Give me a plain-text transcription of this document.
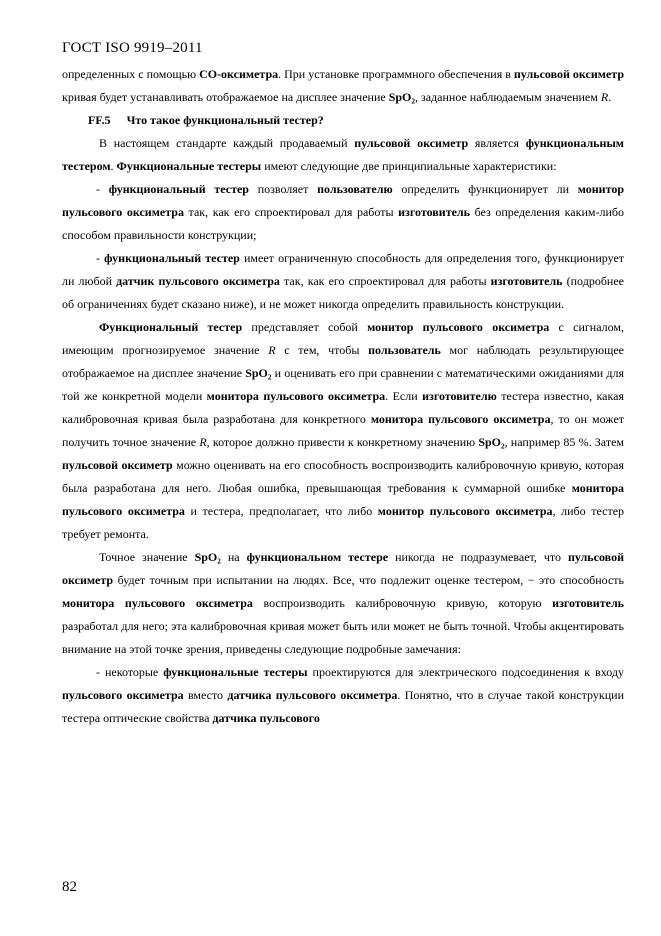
ГОСТ ISO 9919–2011

определенных с помощью CO-оксиметра. При установке программного обеспечения в пульсовой оксиметр кривая будет устанавливать отображаемое на дисплее значение SpO₂, заданное наблюдаемым значением R.

FF.5 Что такое функциональный тестер?

В настоящем стандарте каждый продаваемый пульсовой оксиметр является функциональным тестером. Функциональные тестеры имеют следующие две принципиальные характеристики:

- функциональный тестер позволяет пользователю определить функционирует ли монитор пульсового оксиметра так, как его спроектировал для работы изготовитель без определения каким-либо способом правильности конструкции;

- функциональный тестер имеет ограниченную способность для определения того, функционирует ли любой датчик пульсового оксиметра так, как его спроектировал для работы изготовитель (подробнее об ограничениях будет сказано ниже), и не может никогда определить правильность конструкции.

Функциональный тестер представляет собой монитор пульсового оксиметра с сигналом, имеющим прогнозируемое значение R с тем, чтобы пользователь мог наблюдать результирующее отображаемое на дисплее значение SpO₂ и оценивать его при сравнении с математическими ожиданиями для той же конкретной модели монитора пульсового оксиметра. Если изготовителю тестера известно, какая калибровочная кривая была разработана для конкретного монитора пульсового оксиметра, то он может получить точное значение R, которое должно привести к конкретному значению SpO₂, например 85 %. Затем пульсовой оксиметр можно оценивать на его способность воспроизводить калибровочную кривую, которая была разработана для него. Любая ошибка, превышающая требования к суммарной ошибке монитора пульсового оксиметра и тестера, предполагает, что либо монитор пульсового оксиметра, либо тестер требует ремонта.

Точное значение SpO₂ на функциональном тестере никогда не подразумевает, что пульсовой оксиметр будет точным при испытании на людях. Все, что подлежит оценке тестером, − это способность монитора пульсового оксиметра воспроизводить калибровочную кривую, которую изготовитель разработал для него; эта калибровочная кривая может быть или может не быть точной. Чтобы акцентировать внимание на этой точке зрения, приведены следующие подробные замечания:

- некоторые функциональные тестеры проектируются для электрического подсоединения к входу пульсового оксиметра вместо датчика пульсового оксиметра. Понятно, что в случае такой конструкции тестера оптические свойства датчика пульсового

82
